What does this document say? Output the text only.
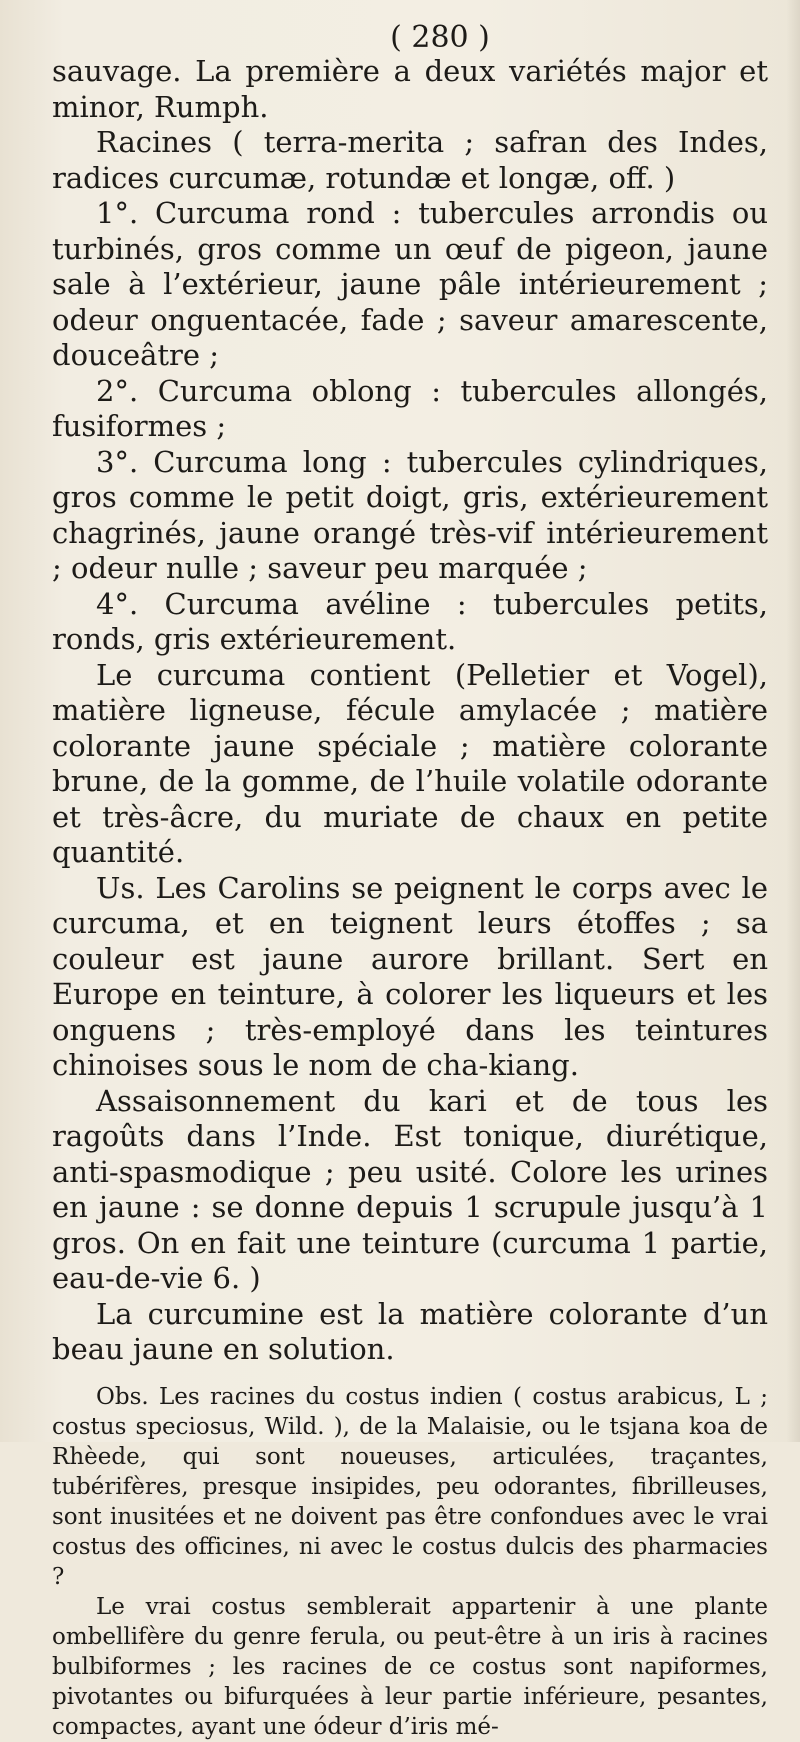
( 280 )

sauvage. La première a deux variétés major et minor, Rumph.

Racines ( terra-merita ; safran des Indes, radices curcumæ, rotundæ et longæ, off. )

1°. Curcuma rond : tubercules arrondis ou turbinés, gros comme un œuf de pigeon, jaune sale à l’extérieur, jaune pâle intérieurement ; odeur onguentacée, fade ; saveur amarescente, douceâtre ;

2°. Curcuma oblong : tubercules allongés, fusiformes ;

3°. Curcuma long : tubercules cylindriques, gros comme le petit doigt, gris, extérieurement chagrinés, jaune orangé très-vif intérieurement ; odeur nulle ; saveur peu marquée ;

4°. Curcuma avéline : tubercules petits, ronds, gris extérieurement.

Le curcuma contient (Pelletier et Vogel), matière ligneuse, fécule amylacée ; matière colorante jaune spéciale ; matière colorante brune, de la gomme, de l’huile volatile odorante et très-âcre, du muriate de chaux en petite quantité.

Us. Les Carolins se peignent le corps avec le curcuma, et en teignent leurs étoffes ; sa couleur est jaune aurore brillant. Sert en Europe en teinture, à colorer les liqueurs et les onguens ; très-employé dans les teintures chinoises sous le nom de cha-kiang.

Assaisonnement du kari et de tous les ragoûts dans l’Inde. Est tonique, diurétique, anti-spasmodique ; peu usité. Colore les urines en jaune : se donne depuis 1 scrupule jusqu’à 1 gros. On en fait une teinture (curcuma 1 partie, eau-de-vie 6. )

La curcumine est la matière colorante d’un beau jaune en solution.

Obs. Les racines du costus indien ( costus arabicus, L ; costus speciosus, Wild. ), de la Malaisie, ou le tsjana koa de Rhèede, qui sont noueuses, articulées, traçantes, tubérifères, presque insipides, peu odorantes, fibrilleuses, sont inusitées et ne doivent pas être confondues avec le vrai costus des officines, ni avec le costus dulcis des pharmacies ?

Le vrai costus semblerait appartenir à une plante ombellifère du genre ferula, ou peut-être à un iris à racines bulbiformes ; les racines de ce costus sont napiformes, pivotantes ou bifurquées à leur partie inférieure, pesantes, compactes, ayant une ódeur d’iris mé-
